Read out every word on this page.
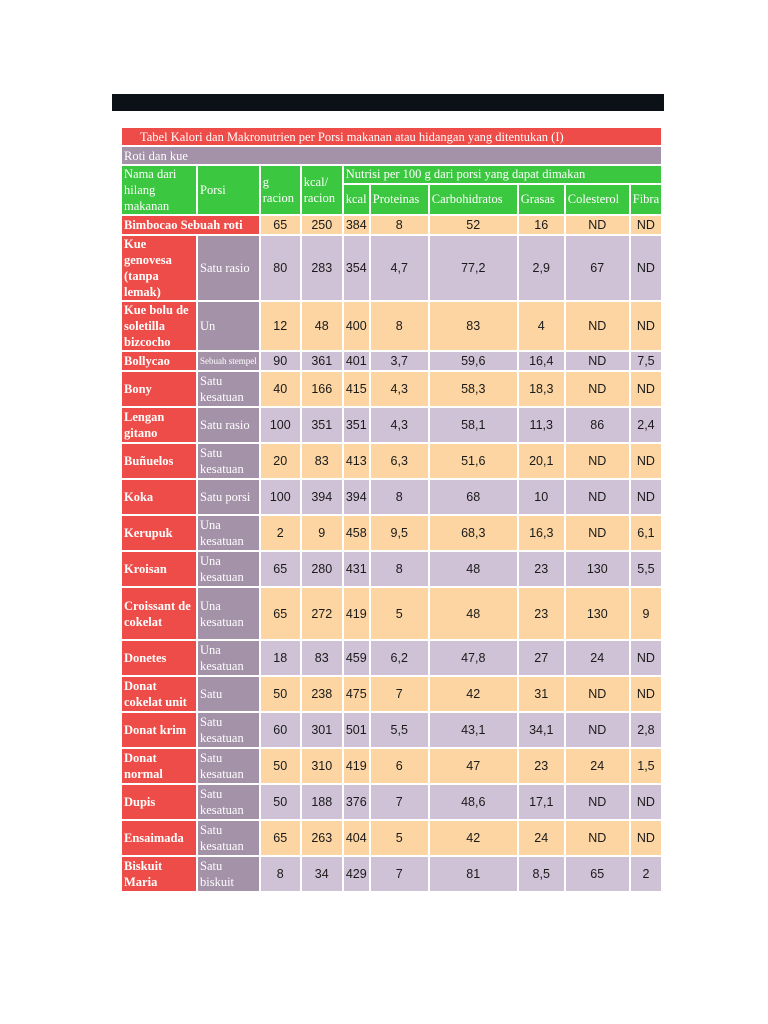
Tabel Kalori dan Makronutrien per Porsi makanan atau hidangan yang ditentukan (I)									
Roti dan kue									
Nama dari hilang makanan	Porsi	g racion	kcal/ racion	Nutrisi per 100 g dari porsi yang dapat dimakan					
				kcal	Proteinas	Carbohidratos	Grasas	Colesterol	Fibra
Bimbocao Sebuah roti		65	250	384	8	52	16	ND	ND
Kue genovesa (tanpa lemak)	Satu rasio	80	283	354	4,7	77,2	2,9	67	ND
Kue bolu de soletilla bizcocho	Un	12	48	400	8	83	4	ND	ND
Bollycao	Sebuah stempel	90	361	401	3,7	59,6	16,4	ND	7,5
Bony	Satu kesatuan	40	166	415	4,3	58,3	18,3	ND	ND
Lengan gitano	Satu rasio	100	351	351	4,3	58,1	11,3	86	2,4
Buñuelos	Satu kesatuan	20	83	413	6,3	51,6	20,1	ND	ND
Koka	Satu porsi	100	394	394	8	68	10	ND	ND
Kerupuk	Una kesatuan	2	9	458	9,5	68,3	16,3	ND	6,1
Kroisan	Una kesatuan	65	280	431	8	48	23	130	5,5
Croissant de cokelat	Una kesatuan	65	272	419	5	48	23	130	9
Donetes	Una kesatuan	18	83	459	6,2	47,8	27	24	ND
Donat cokelat unit	Satu	50	238	475	7	42	31	ND	ND
Donat krim	Satu kesatuan	60	301	501	5,5	43,1	34,1	ND	2,8
Donat normal	Satu kesatuan	50	310	419	6	47	23	24	1,5
Dupis	Satu kesatuan	50	188	376	7	48,6	17,1	ND	ND
Ensaimada	Satu kesatuan	65	263	404	5	42	24	ND	ND
Biskuit Maria	Satu biskuit	8	34	429	7	81	8,5	65	2
